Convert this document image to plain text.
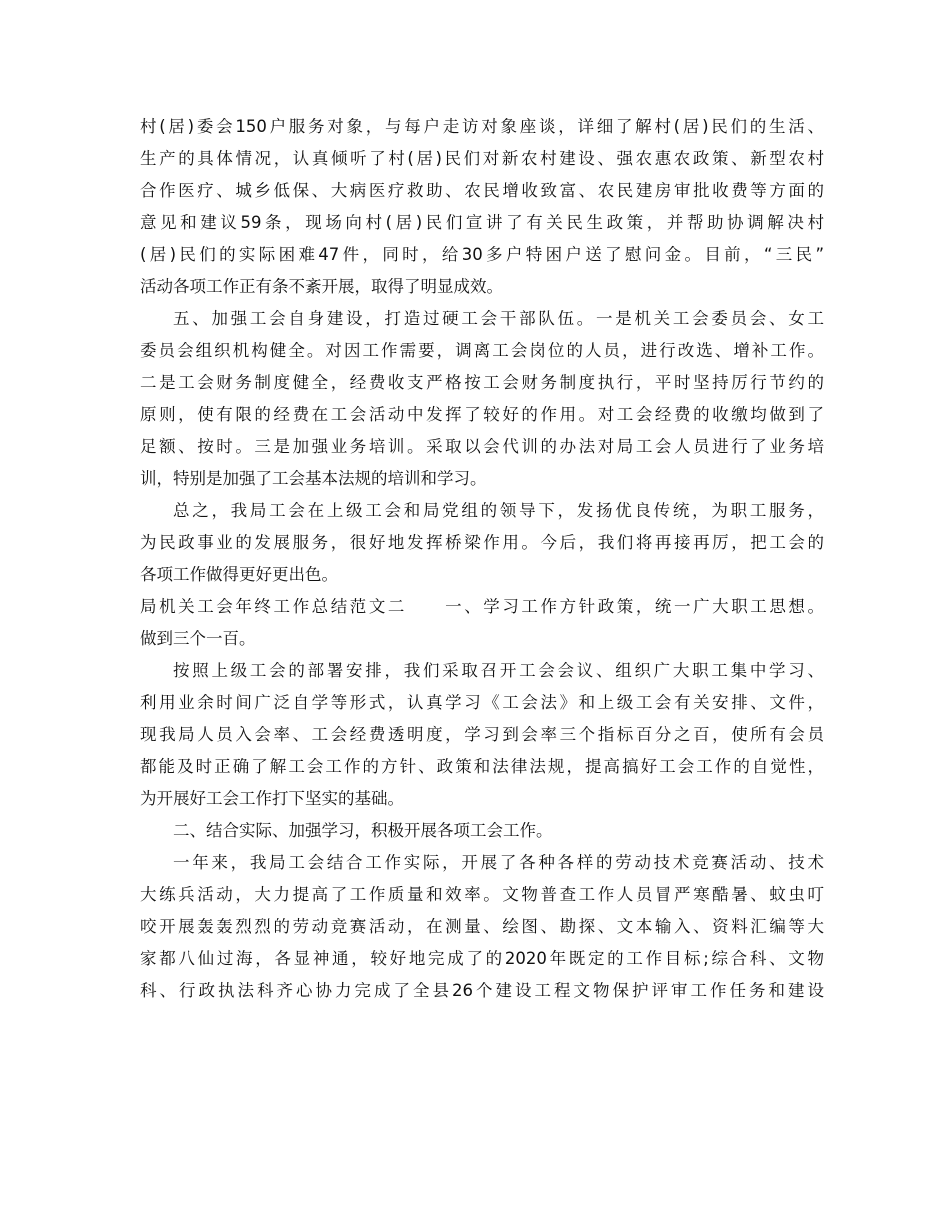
村(居)委会150户服务对象，与每户走访对象座谈，详细了解村(居)民们的生活、

生产的具体情况，认真倾听了村(居)民们对新农村建设、强农惠农政策、新型农村

合作医疗、城乡低保、大病医疗救助、农民增收致富、农民建房审批收费等方面的

意见和建议59条，现场向村(居)民们宣讲了有关民生政策，并帮助协调解决村

(居)民们的实际困难47件，同时，给30多户特困户送了慰问金。目前，“三民”

活动各项工作正有条不紊开展，取得了明显成效。

五、加强工会自身建设，打造过硬工会干部队伍。一是机关工会委员会、女工

委员会组织机构健全。对因工作需要，调离工会岗位的人员，进行改选、增补工作。

二是工会财务制度健全，经费收支严格按工会财务制度执行，平时坚持厉行节约的

原则，使有限的经费在工会活动中发挥了较好的作用。对工会经费的收缴均做到了

足额、按时。三是加强业务培训。采取以会代训的办法对局工会人员进行了业务培

训，特别是加强了工会基本法规的培训和学习。

总之，我局工会在上级工会和局党组的领导下，发扬优良传统，为职工服务，

为民政事业的发展服务，很好地发挥桥梁作用。今后，我们将再接再厉，把工会的

各项工作做得更好更出色。

局机关工会年终工作总结范文二　　一、学习工作方针政策，统一广大职工思想。

做到三个一百。

按照上级工会的部署安排，我们采取召开工会会议、组织广大职工集中学习、

利用业余时间广泛自学等形式，认真学习《工会法》和上级工会有关安排、文件，

现我局人员入会率、工会经费透明度，学习到会率三个指标百分之百，使所有会员

都能及时正确了解工会工作的方针、政策和法律法规，提高搞好工会工作的自觉性，

为开展好工会工作打下坚实的基础。

二、结合实际、加强学习，积极开展各项工会工作。

一年来，我局工会结合工作实际，开展了各种各样的劳动技术竞赛活动、技术

大练兵活动，大力提高了工作质量和效率。文物普查工作人员冒严寒酷暑、蚊虫叮

咬开展轰轰烈烈的劳动竞赛活动，在测量、绘图、勘探、文本输入、资料汇编等大

家都八仙过海，各显神通，较好地完成了的2020年既定的工作目标;综合科、文物

科、行政执法科齐心协力完成了全县26个建设工程文物保护评审工作任务和建设
